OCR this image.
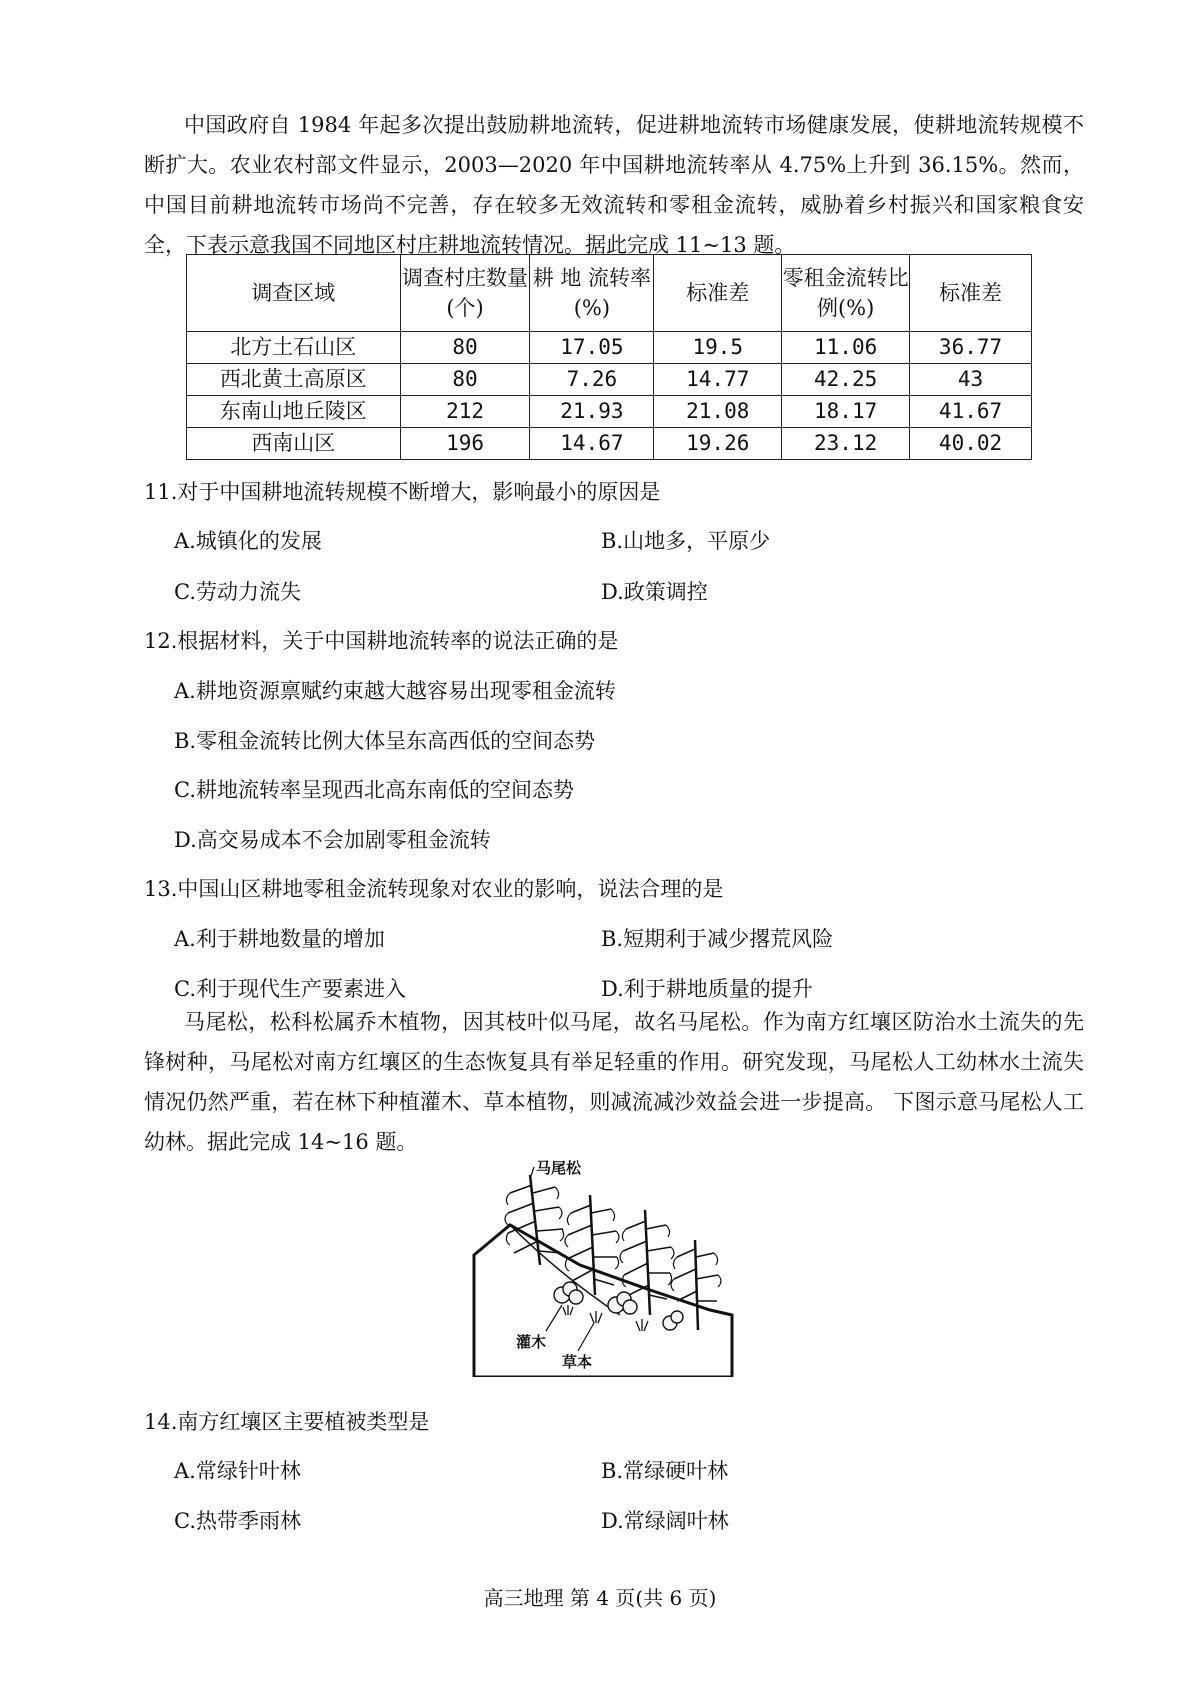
中国政府自 1984 年起多次提出鼓励耕地流转，促进耕地流转市场健康发展，使耕地流转规模不断扩大。农业农村部文件显示，2003—2020 年中国耕地流转率从 4.75%上升到 36.15%。然而，中国目前耕地流转市场尚不完善，存在较多无效流转和零租金流转，威胁着乡村振兴和国家粮食安全，下表示意我国不同地区村庄耕地流转情况。据此完成 11~13 题。

调查区域	调查村庄数量(个)	耕 地 流转率(%)	标准差	零租金流转比例(%)	标准差
北方土石山区	80	17.05	19.5	11.06	36.77
西北黄土高原区	80	7.26	14.77	42.25	43
东南山地丘陵区	212	21.93	21.08	18.17	41.67
西南山区	196	14.67	19.26	23.12	40.02

11.对于中国耕地流转规模不断增大，影响最小的原因是

A.城镇化的发展	B.山地多，平原少

C.劳动力流失	D.政策调控

12.根据材料，关于中国耕地流转率的说法正确的是

A.耕地资源禀赋约束越大越容易出现零租金流转

B.零租金流转比例大体呈东高西低的空间态势

C.耕地流转率呈现西北高东南低的空间态势

D.高交易成本不会加剧零租金流转

13.中国山区耕地零租金流转现象对农业的影响，说法合理的是

A.利于耕地数量的增加	B.短期利于减少撂荒风险

C.利于现代生产要素进入	D.利于耕地质量的提升

马尾松，松科松属乔木植物，因其枝叶似马尾，故名马尾松。作为南方红壤区防治水土流失的先锋树种，马尾松对南方红壤区的生态恢复具有举足轻重的作用。研究发现，马尾松人工幼林水土流失情况仍然严重，若在林下种植灌木、草本植物，则减流减沙效益会进一步提高。 下图示意马尾松人工幼林。据此完成 14~16 题。

马尾松
灌木
草本

14.南方红壤区主要植被类型是

A.常绿针叶林	B.常绿硬叶林

C.热带季雨林	D.常绿阔叶林

高三地理 第 4 页(共 6 页)
